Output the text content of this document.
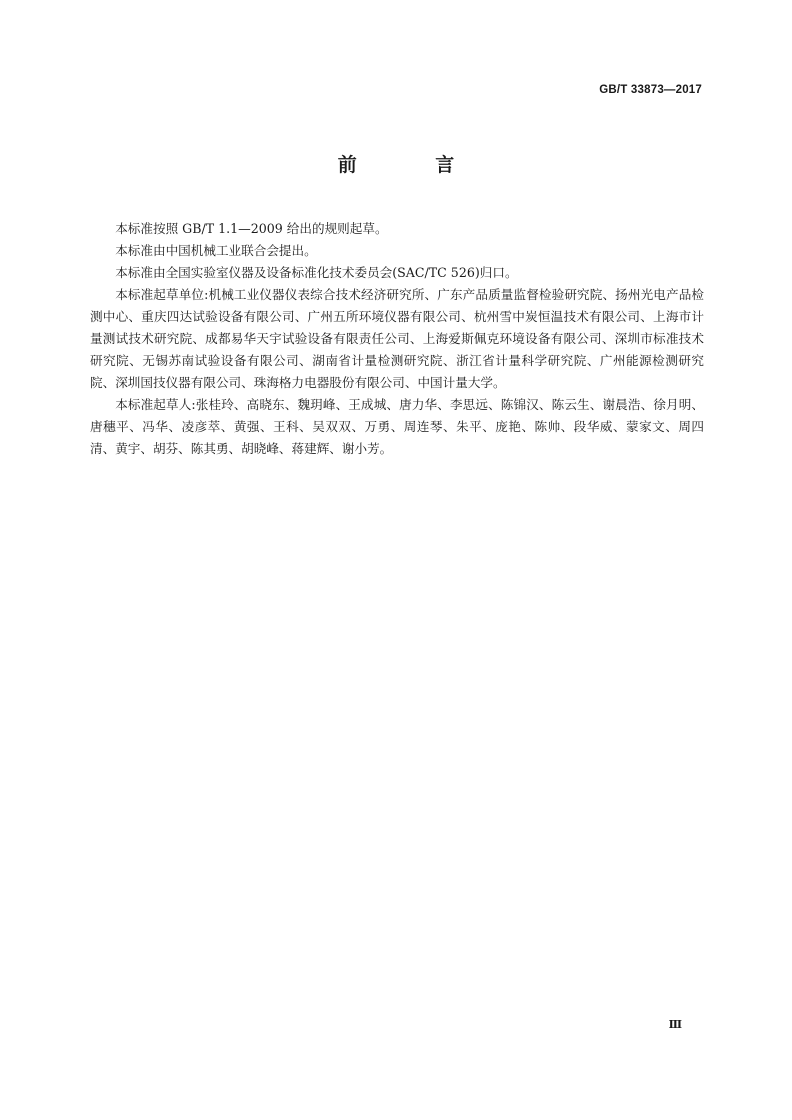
GB/T 33873—2017
前 言

本标准按照 GB/T 1.1—2009 给出的规则起草。

本标准由中国机械工业联合会提出。

本标准由全国实验室仪器及设备标准化技术委员会(SAC/TC 526)归口。

本标准起草单位:机械工业仪器仪表综合技术经济研究所、广东产品质量监督检验研究院、扬州光电产品检测中心、重庆四达试验设备有限公司、广州五所环境仪器有限公司、杭州雪中炭恒温技术有限公司、上海市计量测试技术研究院、成都易华天宇试验设备有限责任公司、上海爱斯佩克环境设备有限公司、深圳市标准技术研究院、无锡苏南试验设备有限公司、湖南省计量检测研究院、浙江省计量科学研究院、广州能源检测研究院、深圳国技仪器有限公司、珠海格力电器股份有限公司、中国计量大学。

本标准起草人:张桂玲、高晓东、魏玥峰、王成城、唐力华、李思远、陈锦汉、陈云生、谢晨浩、徐月明、唐穗平、冯华、凌彦萃、黄强、王科、吴双双、万勇、周连琴、朱平、庞艳、陈帅、段华威、蒙家文、周四清、黄宇、胡芬、陈其勇、胡晓峰、蒋建辉、谢小芳。

Ⅲ
